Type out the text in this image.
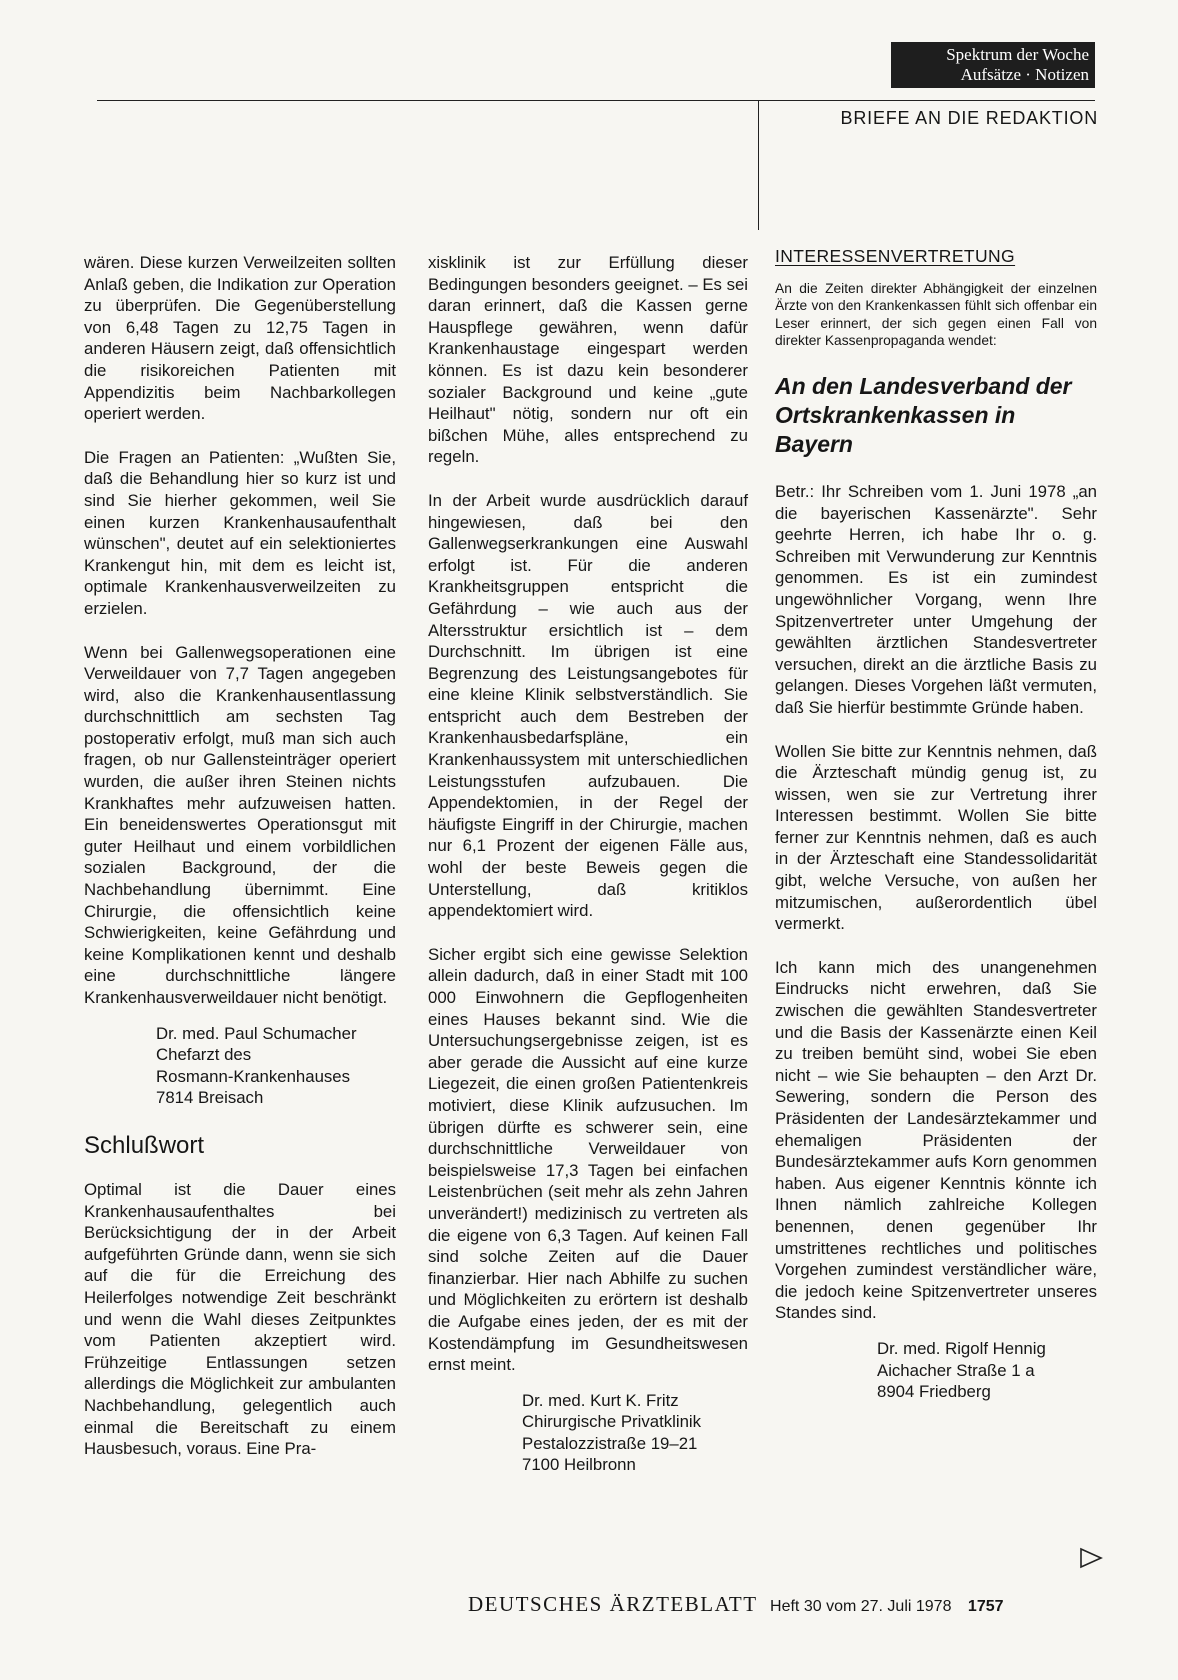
Spektrum der Woche
Aufsätze · Notizen
BRIEFE AN DIE REDAKTION

wären. Diese kurzen Verweilzeiten sollten Anlaß geben, die Indikation zur Operation zu überprüfen. Die Gegenüberstellung von 6,48 Tagen zu 12,75 Tagen in anderen Häusern zeigt, daß offensichtlich die risikoreichen Patienten mit Appendizitis beim Nachbarkollegen operiert werden.

Die Fragen an Patienten: „Wußten Sie, daß die Behandlung hier so kurz ist und sind Sie hierher gekommen, weil Sie einen kurzen Krankenhausaufenthalt wünschen", deutet auf ein selektioniertes Krankengut hin, mit dem es leicht ist, optimale Krankenhausverweilzeiten zu erzielen.

Wenn bei Gallenwegsoperationen eine Verweildauer von 7,7 Tagen angegeben wird, also die Krankenhausentlassung durchschnittlich am sechsten Tag postoperativ erfolgt, muß man sich auch fragen, ob nur Gallensteinträger operiert wurden, die außer ihren Steinen nichts Krankhaftes mehr aufzuweisen hatten. Ein beneidenswertes Operationsgut mit guter Heilhaut und einem vorbildlichen sozialen Background, der die Nachbehandlung übernimmt. Eine Chirurgie, die offensichtlich keine Schwierigkeiten, keine Gefährdung und keine Komplikationen kennt und deshalb eine durchschnittliche längere Krankenhausverweildauer nicht benötigt.

Dr. med. Paul Schumacher
Chefarzt des
Rosmann-Krankenhauses
7814 Breisach
Schlußwort

Optimal ist die Dauer eines Krankenhausaufenthaltes bei Berücksichtigung der in der Arbeit aufgeführten Gründe dann, wenn sie sich auf die für die Erreichung des Heilerfolges notwendige Zeit beschränkt und wenn die Wahl dieses Zeitpunktes vom Patienten akzeptiert wird. Frühzeitige Entlassungen setzen allerdings die Möglichkeit zur ambulanten Nachbehandlung, gelegentlich auch einmal die Bereitschaft zu einem Hausbesuch, voraus. Eine Pra-

xisklinik ist zur Erfüllung dieser Bedingungen besonders geeignet. – Es sei daran erinnert, daß die Kassen gerne Hauspflege gewähren, wenn dafür Krankenhaustage eingespart werden können. Es ist dazu kein besonderer sozialer Background und keine „gute Heilhaut" nötig, sondern nur oft ein bißchen Mühe, alles entsprechend zu regeln.

In der Arbeit wurde ausdrücklich darauf hingewiesen, daß bei den Gallenwegserkrankungen eine Auswahl erfolgt ist. Für die anderen Krankheitsgruppen entspricht die Gefährdung – wie auch aus der Altersstruktur ersichtlich ist – dem Durchschnitt. Im übrigen ist eine Begrenzung des Leistungsangebotes für eine kleine Klinik selbstverständlich. Sie entspricht auch dem Bestreben der Krankenhausbedarfspläne, ein Krankenhaussystem mit unterschiedlichen Leistungsstufen aufzubauen. Die Appendektomien, in der Regel der häufigste Eingriff in der Chirurgie, machen nur 6,1 Prozent der eigenen Fälle aus, wohl der beste Beweis gegen die Unterstellung, daß kritiklos appendektomiert wird.

Sicher ergibt sich eine gewisse Selektion allein dadurch, daß in einer Stadt mit 100 000 Einwohnern die Gepflogenheiten eines Hauses bekannt sind. Wie die Untersuchungsergebnisse zeigen, ist es aber gerade die Aussicht auf eine kurze Liegezeit, die einen großen Patientenkreis motiviert, diese Klinik aufzusuchen. Im übrigen dürfte es schwerer sein, eine durchschnittliche Verweildauer von beispielsweise 17,3 Tagen bei einfachen Leistenbrüchen (seit mehr als zehn Jahren unverändert!) medizinisch zu vertreten als die eigene von 6,3 Tagen. Auf keinen Fall sind solche Zeiten auf die Dauer finanzierbar. Hier nach Abhilfe zu suchen und Möglichkeiten zu erörtern ist deshalb die Aufgabe eines jeden, der es mit der Kostendämpfung im Gesundheitswesen ernst meint.

Dr. med. Kurt K. Fritz
Chirurgische Privatklinik
Pestalozzistraße 19–21
7100 Heilbronn
INTERESSENVERTRETUNG

An die Zeiten direkter Abhängigkeit der einzelnen Ärzte von den Krankenkassen fühlt sich offenbar ein Leser erinnert, der sich gegen einen Fall von direkter Kassenpropaganda wendet:

An den Landesverband der Ortskrankenkassen in Bayern

Betr.: Ihr Schreiben vom 1. Juni 1978 „an die bayerischen Kassenärzte". Sehr geehrte Herren, ich habe Ihr o. g. Schreiben mit Verwunderung zur Kenntnis genommen. Es ist ein zumindest ungewöhnlicher Vorgang, wenn Ihre Spitzenvertreter unter Umgehung der gewählten ärztlichen Standesvertreter versuchen, direkt an die ärztliche Basis zu gelangen. Dieses Vorgehen läßt vermuten, daß Sie hierfür bestimmte Gründe haben.

Wollen Sie bitte zur Kenntnis nehmen, daß die Ärzteschaft mündig genug ist, zu wissen, wen sie zur Vertretung ihrer Interessen bestimmt. Wollen Sie bitte ferner zur Kenntnis nehmen, daß es auch in der Ärzteschaft eine Standessolidarität gibt, welche Versuche, von außen her mitzumischen, außerordentlich übel vermerkt.

Ich kann mich des unangenehmen Eindrucks nicht erwehren, daß Sie zwischen die gewählten Standesvertreter und die Basis der Kassenärzte einen Keil zu treiben bemüht sind, wobei Sie eben nicht – wie Sie behaupten – den Arzt Dr. Sewering, sondern die Person des Präsidenten der Landesärztekammer und ehemaligen Präsidenten der Bundesärztekammer aufs Korn genommen haben. Aus eigener Kenntnis könnte ich Ihnen nämlich zahlreiche Kollegen benennen, denen gegenüber Ihr umstrittenes rechtliches und politisches Vorgehen zumindest verständlicher wäre, die jedoch keine Spitzenvertreter unseres Standes sind.

Dr. med. Rigolf Hennig
Aichacher Straße 1 a
8904 Friedberg
DEUTSCHES ÄRZTEBLATT Heft 30 vom 27. Juli 1978 1757
